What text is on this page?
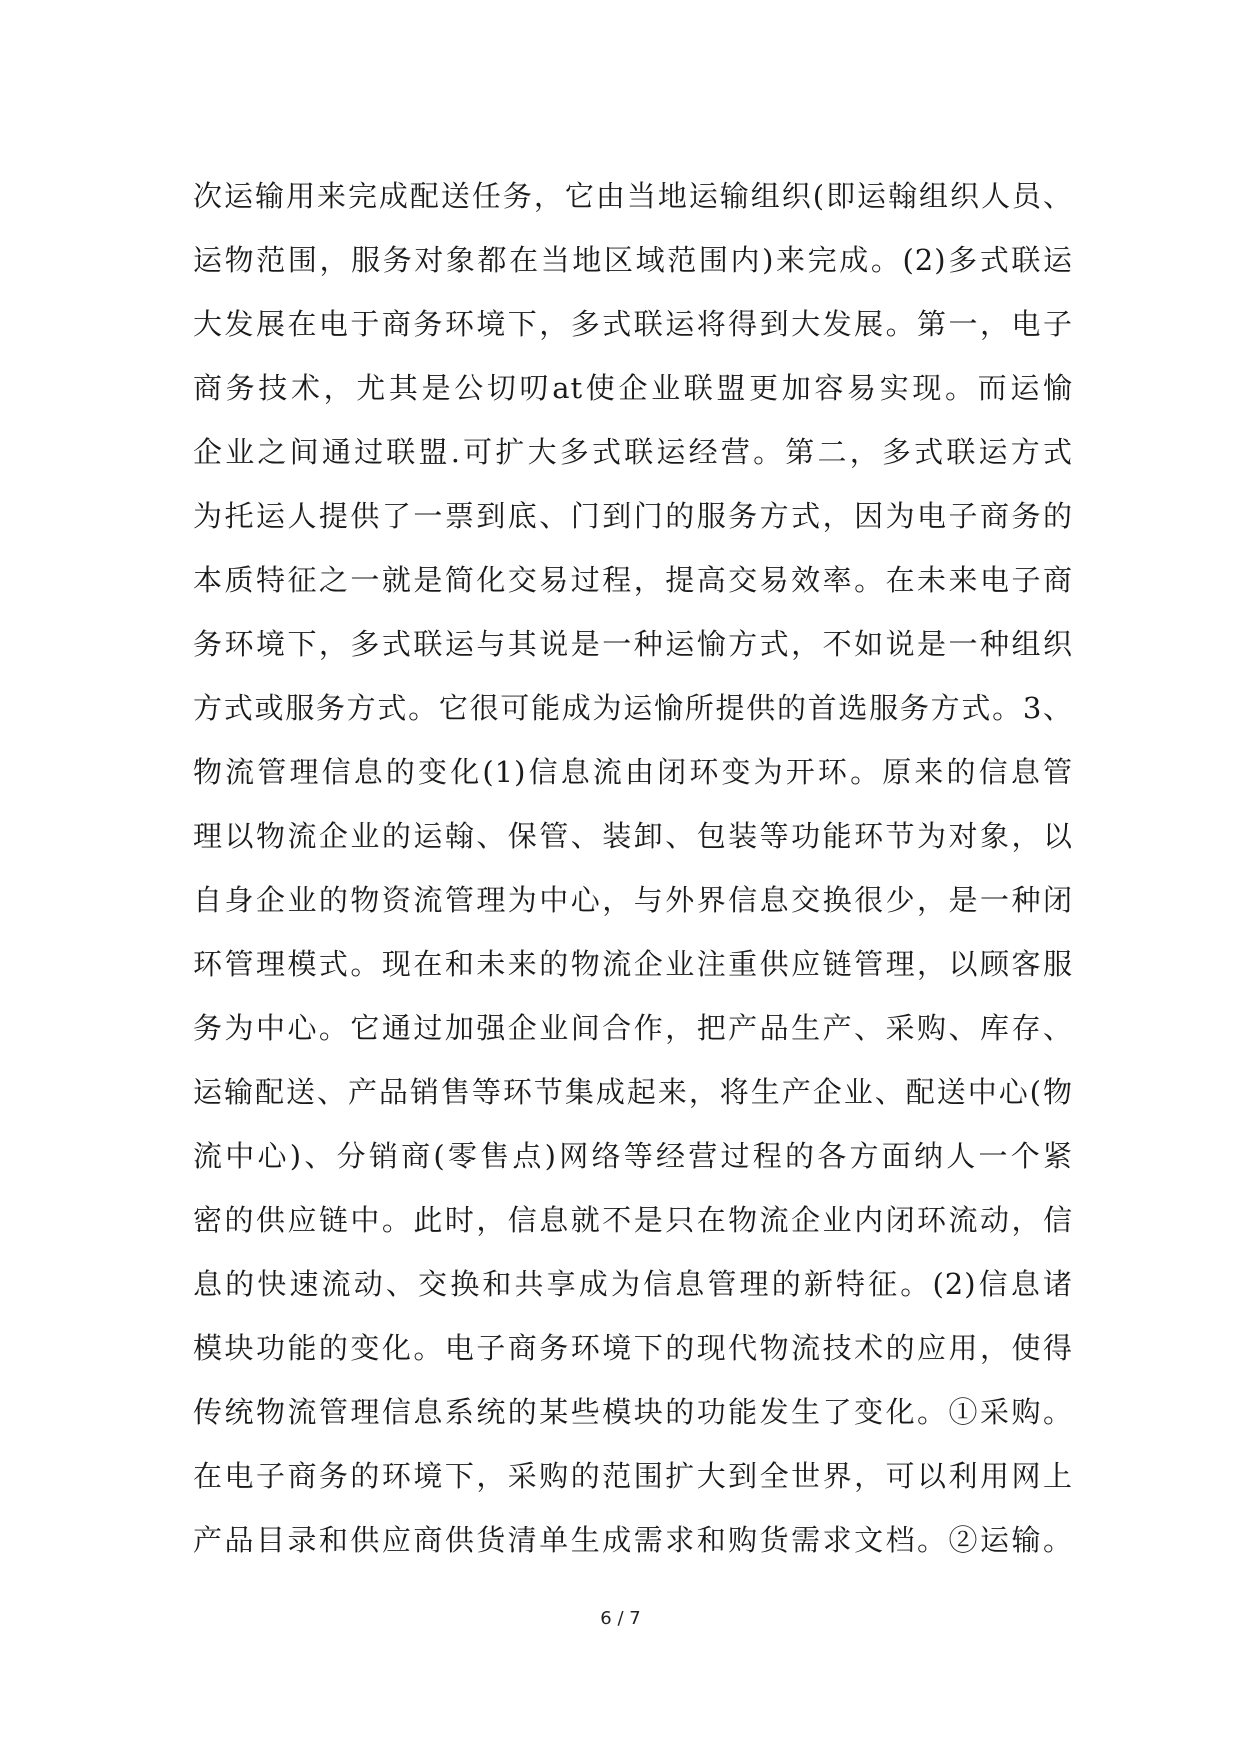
次运输用来完成配送任务，它由当地运输组织(即运翰组织人员、
运物范围，服务对象都在当地区域范围内)来完成。(2)多式联运
大发展在电于商务环境下，多式联运将得到大发展。第一，电子
商务技术，尤其是公切叨at使企业联盟更加容易实现。而运愉
企业之间通过联盟.可扩大多式联运经营。第二，多式联运方式
为托运人提供了一票到底、门到门的服务方式，因为电子商务的
本质特征之一就是简化交易过程，提高交易效率。在未来电子商
务环境下，多式联运与其说是一种运愉方式，不如说是一种组织
方式或服务方式。它很可能成为运愉所提供的首选服务方式。3、
物流管理信息的变化(1)信息流由闭环变为开环。原来的信息管
理以物流企业的运翰、保管、装卸、包装等功能环节为对象，以
自身企业的物资流管理为中心，与外界信息交换很少，是一种闭
环管理模式。现在和未来的物流企业注重供应链管理，以顾客服
务为中心。它通过加强企业间合作，把产品生产、采购、库存、
运输配送、产品销售等环节集成起来，将生产企业、配送中心(物
流中心)、分销商(零售点)网络等经营过程的各方面纳人一个紧
密的供应链中。此时，信息就不是只在物流企业内闭环流动，信
息的快速流动、交换和共享成为信息管理的新特征。(2)信息诸
模块功能的变化。电子商务环境下的现代物流技术的应用，使得
传统物流管理信息系统的某些模块的功能发生了变化。①采购。
在电子商务的环境下，采购的范围扩大到全世界，可以利用网上
产品目录和供应商供货清单生成需求和购货需求文档。②运输。
6 / 7
